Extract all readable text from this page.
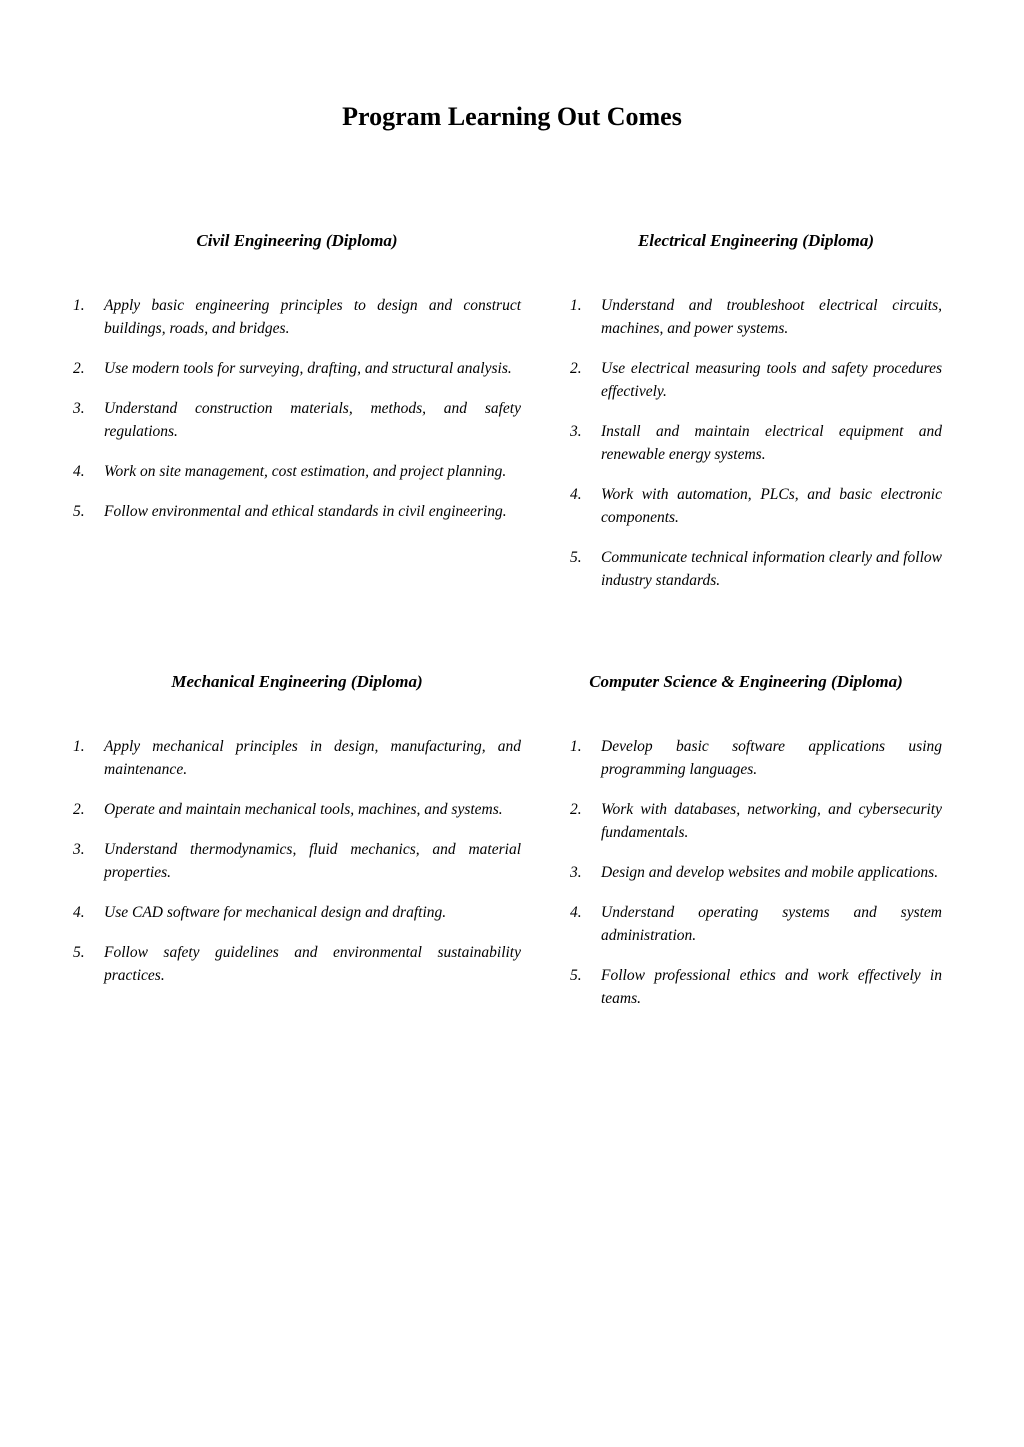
Program Learning Out Comes
Civil Engineering (Diploma)
1.	Apply basic engineering principles to design and construct buildings, roads, and bridges.
2.	Use modern tools for surveying, drafting, and structural analysis.
3.	Understand construction materials, methods, and safety regulations.
4.	Work on site management, cost estimation, and project planning.
5.	Follow environmental and ethical standards in civil engineering.
Electrical Engineering (Diploma)
1.	Understand and troubleshoot electrical circuits, machines, and power systems.
2.	Use electrical measuring tools and safety procedures effectively.
3.	Install and maintain electrical equipment and renewable energy systems.
4.	Work with automation, PLCs, and basic electronic components.
5.	Communicate technical information clearly and follow industry standards.
Mechanical Engineering (Diploma)
1.	Apply mechanical principles in design, manufacturing, and maintenance.
2.	Operate and maintain mechanical tools, machines, and systems.
3.	Understand thermodynamics, fluid mechanics, and material properties.
4.	Use CAD software for mechanical design and drafting.
5.	Follow safety guidelines and environmental sustainability practices.
Computer Science & Engineering (Diploma)
1.	Develop basic software applications using programming languages.
2.	Work with databases, networking, and cybersecurity fundamentals.
3.	Design and develop websites and mobile applications.
4.	Understand operating systems and system administration.
5.	Follow professional ethics and work effectively in teams.
